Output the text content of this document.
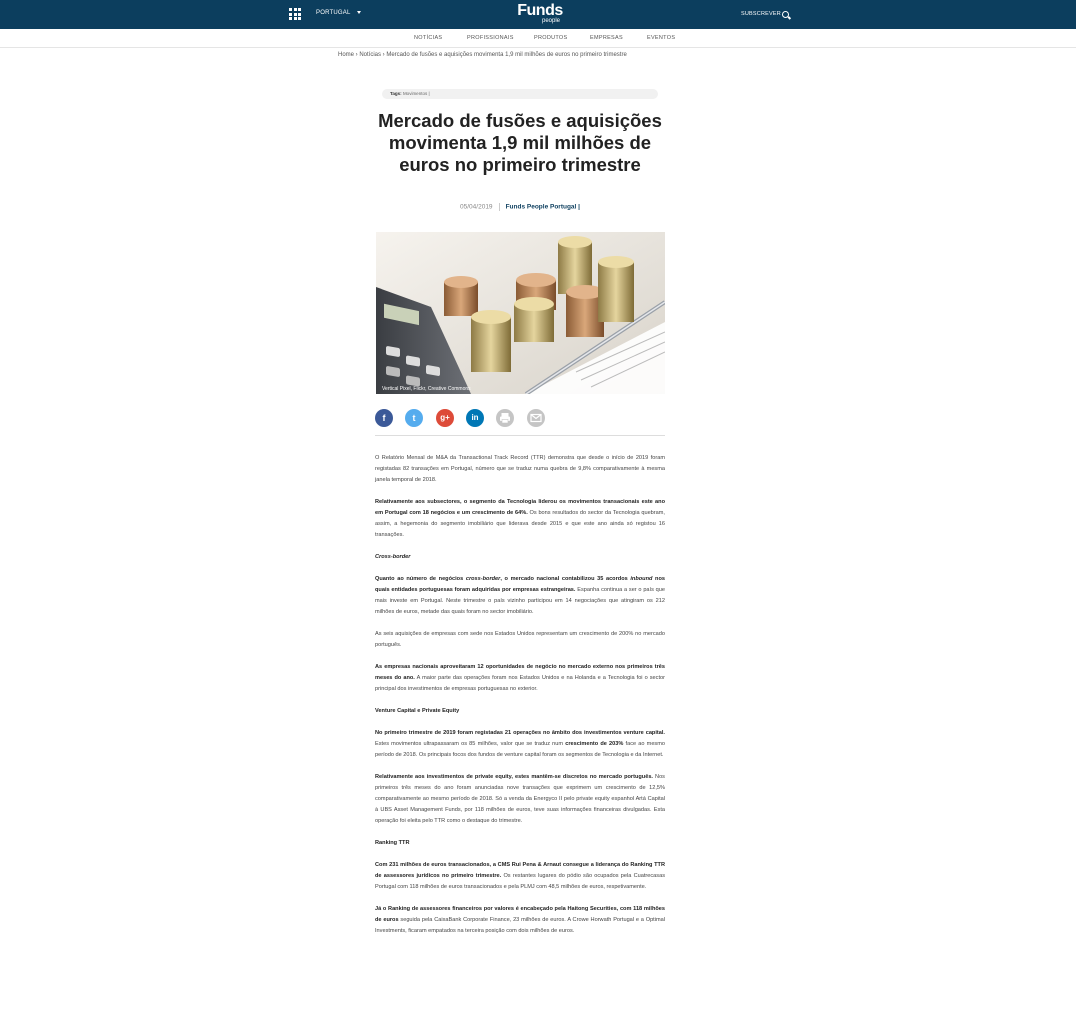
PORTUGAL	Funds
people
SUBSCREVER
NOTÍCIAS	PROFISSIONAIS	PRODUTOS	EMPRESAS	EVENTOS
Home › Notícias › Mercado de fusões e aquisições movimenta 1,9 mil milhões de euros no primeiro trimestre
Tags: Movimentos |
Mercado de fusões e aquisições movimenta 1,9 mil milhões de euros no primeiro trimestre
05/04/2019 Funds People Portugal |
Vertical Pixel, Flickr, Creative Commons
f	t	g+	in

O Relatório Mensal de M&A da Transactional Track Record (TTR) demonstra que desde o início de 2019 foram registadas 82 transações em Portugal, número que se traduz numa quebra de 9,8% comparativamente à mesma janela temporal de 2018.

Relativamente aos subsectores, o segmento da Tecnologia liderou os movimentos transacionais este ano em Portugal com 18 negócios e um crescimento de 64%. Os bons resultados do sector da Tecnologia quebram, assim, a hegemonia do segmento imobiliário que liderava desde 2015 e que este ano ainda só registou 16 transações.

Cross-border

Quanto ao número de negócios cross-border, o mercado nacional contabilizou 35 acordos inbound nos quais entidades portuguesas foram adquiridas por empresas estrangeiras. Espanha continua a ser o país que mais investe em Portugal. Neste trimestre o país vizinho participou em 14 negociações que atingiram os 212 milhões de euros, metade das quais foram no sector imobiliário.

As seis aquisições de empresas com sede nos Estados Unidos representam um crescimento de 200% no mercado português.

As empresas nacionais aproveitaram 12 oportunidades de negócio no mercado externo nos primeiros três meses do ano. A maior parte das operações foram nos Estados Unidos e na Holanda e a Tecnologia foi o sector principal dos investimentos de empresas portuguesas no exterior.

Venture Capital e Private Equity

No primeiro trimestre de 2019 foram registadas 21 operações no âmbito dos investimentos venture capital. Estes movimentos ultrapassaram os 85 milhões, valor que se traduz num crescimento de 203% face ao mesmo período de 2018. Os principais focos dos fundos de venture capital foram os segmentos de Tecnologia e da Internet.

Relativamente aos investimentos de private equity, estes mantêm-se discretos no mercado português. Nos primeiros três meses do ano foram anunciadas nove transações que exprimem um crescimento de 12,5% comparativamente ao mesmo período de 2018. Só a venda da Energyco II pelo private equity espanhol Artá Capital à UBS Asset Management Funds, por 118 milhões de euros, teve suas informações financeiras divulgadas. Esta operação foi eleita pelo TTR como o destaque do trimestre.

Ranking TTR

Com 231 milhões de euros transacionados, a CMS Rui Pena & Arnaut consegue a liderança do Ranking TTR de assessores jurídicos no primeiro trimestre. Os restantes lugares do pódio são ocupados pela Cuatrecasas Portugal com 118 milhões de euros transacionados e pela PLMJ com 48,5 milhões de euros, respetivamente.

Já o Ranking de assessores financeiros por valores é encabeçado pela Haitong Securities, com 118 milhões de euros seguida pela CaixaBank Corporate Finance, 23 milhões de euros. A Crowe Horwath Portugal e a Optimal Investments, ficaram empatados na terceira posição com dois milhões de euros.
